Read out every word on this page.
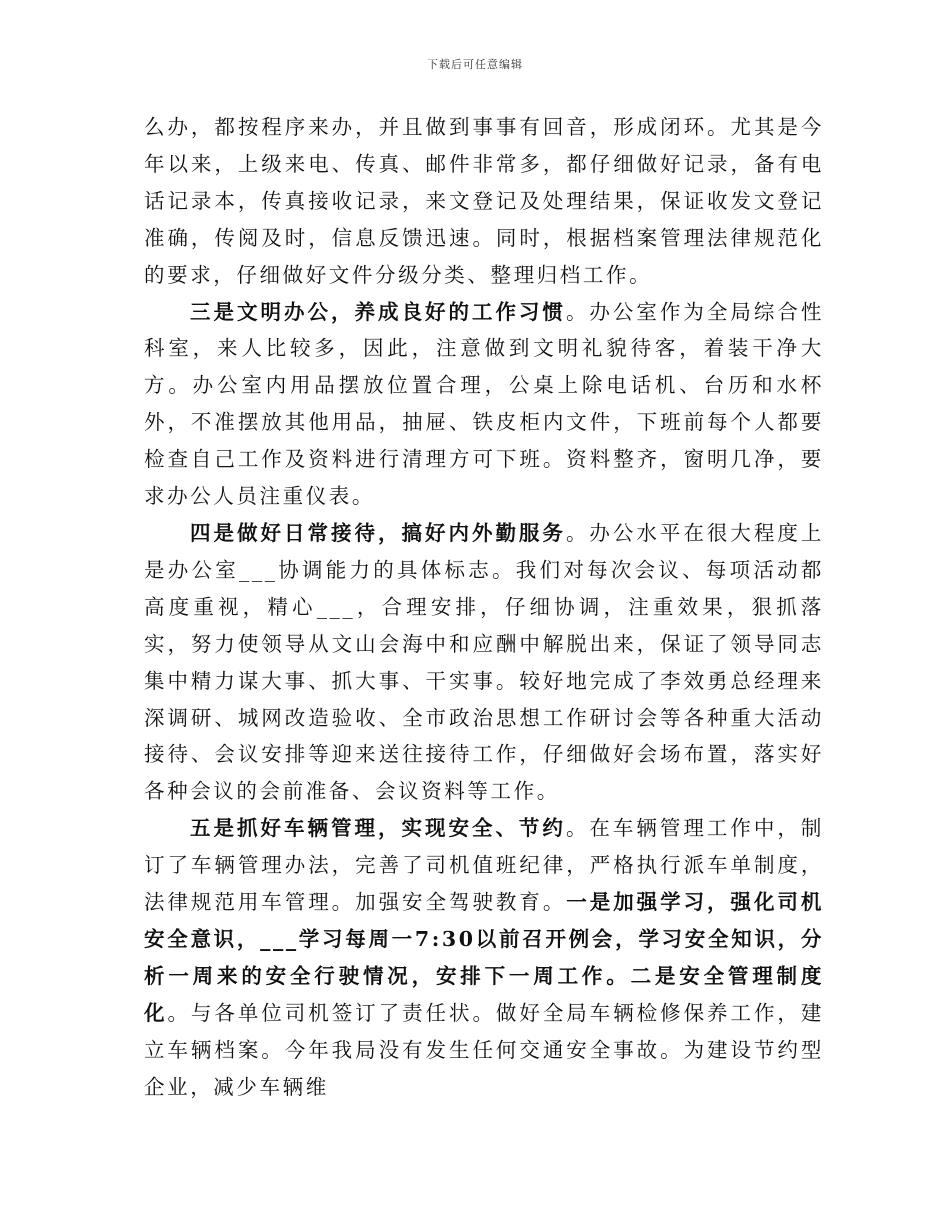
下载后可任意编辑

么办，都按程序来办，并且做到事事有回音，形成闭环。尤其是今年以来，上级来电、传真、邮件非常多，都仔细做好记录，备有电话记录本，传真接收记录，来文登记及处理结果，保证收发文登记准确，传阅及时，信息反馈迅速。同时，根据档案管理法律规范化的要求，仔细做好文件分级分类、整理归档工作。

三是文明办公，养成良好的工作习惯。办公室作为全局综合性科室，来人比较多，因此，注意做到文明礼貌待客，着装干净大方。办公室内用品摆放位置合理，公桌上除电话机、台历和水杯外，不准摆放其他用品，抽屉、铁皮柜内文件，下班前每个人都要检查自己工作及资料进行清理方可下班。资料整齐，窗明几净，要求办公人员注重仪表。

四是做好日常接待，搞好内外勤服务。办公水平在很大程度上是办公室___协调能力的具体标志。我们对每次会议、每项活动都高度重视，精心___，合理安排，仔细协调，注重效果，狠抓落实，努力使领导从文山会海中和应酬中解脱出来，保证了领导同志集中精力谋大事、抓大事、干实事。较好地完成了李效勇总经理来深调研、城网改造验收、全市政治思想工作研讨会等各种重大活动接待、会议安排等迎来送往接待工作，仔细做好会场布置，落实好各种会议的会前准备、会议资料等工作。

五是抓好车辆管理，实现安全、节约。在车辆管理工作中，制订了车辆管理办法，完善了司机值班纪律，严格执行派车单制度，法律规范用车管理。加强安全驾驶教育。一是加强学习，强化司机安全意识，___学习每周一7:30以前召开例会，学习安全知识，分析一周来的安全行驶情况，安排下一周工作。二是安全管理制度化。与各单位司机签订了责任状。做好全局车辆检修保养工作，建立车辆档案。今年我局没有发生任何交通安全事故。为建设节约型企业，减少车辆维
